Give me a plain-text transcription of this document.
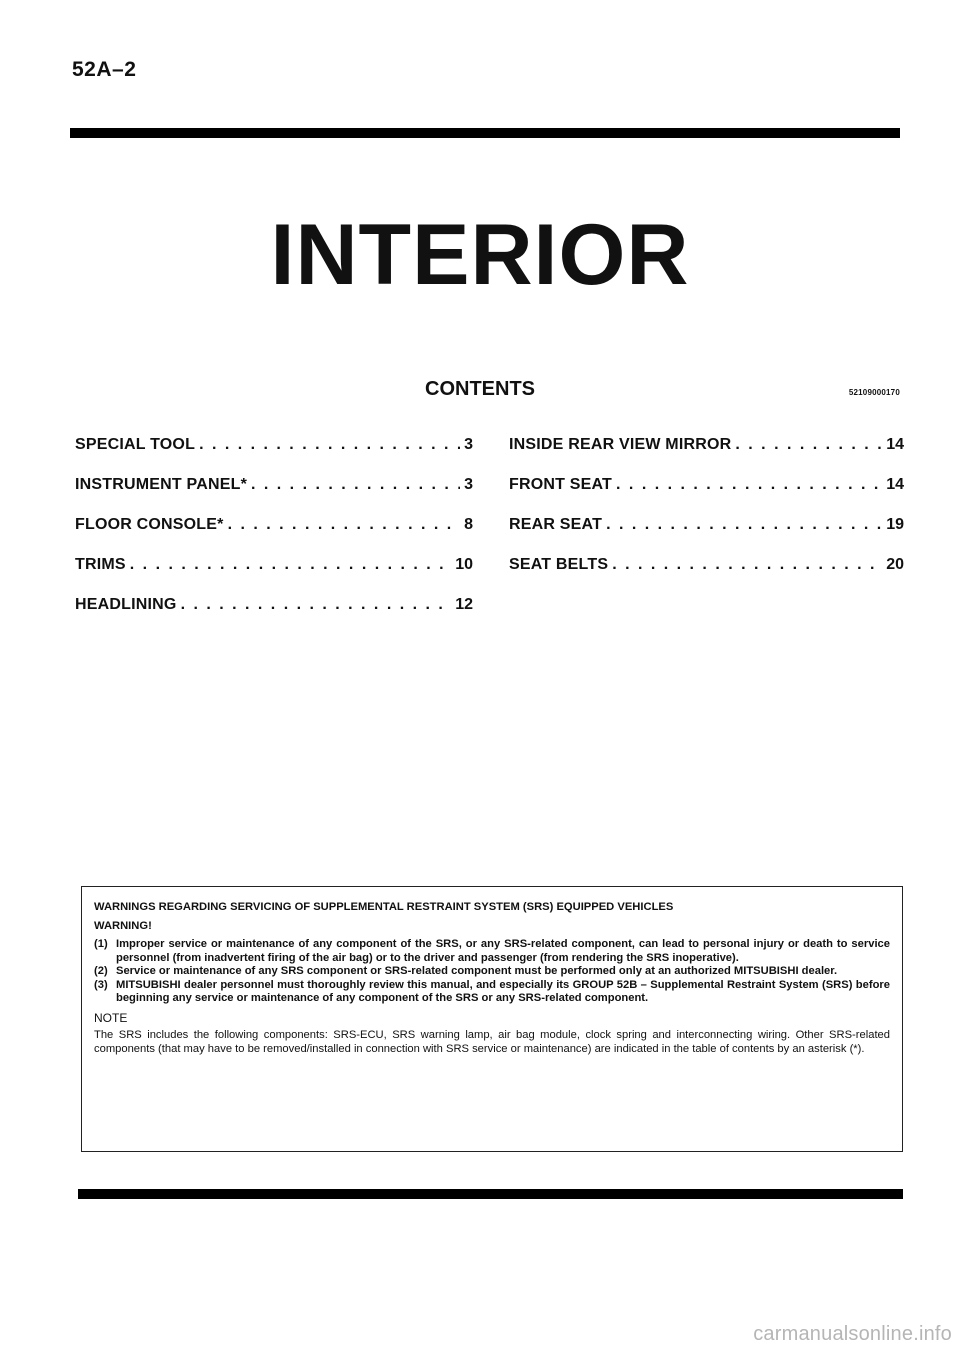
52A–2
INTERIOR
CONTENTS	52109000170
SPECIAL TOOL . . .	3
INSTRUMENT PANEL* . . .	3
FLOOR CONSOLE* . . .	8
TRIMS . . .	10
HEADLINING . . .	12
INSIDE REAR VIEW MIRROR . . .	14
FRONT SEAT . . .	14
REAR SEAT . . .	19
SEAT BELTS . . .	20
WARNINGS REGARDING SERVICING OF SUPPLEMENTAL RESTRAINT SYSTEM (SRS) EQUIPPED VEHICLES
WARNING!
(1) Improper service or maintenance of any component of the SRS, or any SRS-related component, can lead to personal injury or death to service personnel (from inadvertent firing of the air bag) or to the driver and passenger (from rendering the SRS inoperative).
(2) Service or maintenance of any SRS component or SRS-related component must be performed only at an authorized MITSUBISHI dealer.
(3) MITSUBISHI dealer personnel must thoroughly review this manual, and especially its GROUP 52B – Supplemental Restraint System (SRS) before beginning any service or maintenance of any component of the SRS or any SRS-related component.
NOTE
The SRS includes the following components: SRS-ECU, SRS warning lamp, air bag module, clock spring and interconnecting wiring. Other SRS-related components (that may have to be removed/installed in connection with SRS service or maintenance) are indicated in the table of contents by an asterisk (*).
carmanualsonline.info
